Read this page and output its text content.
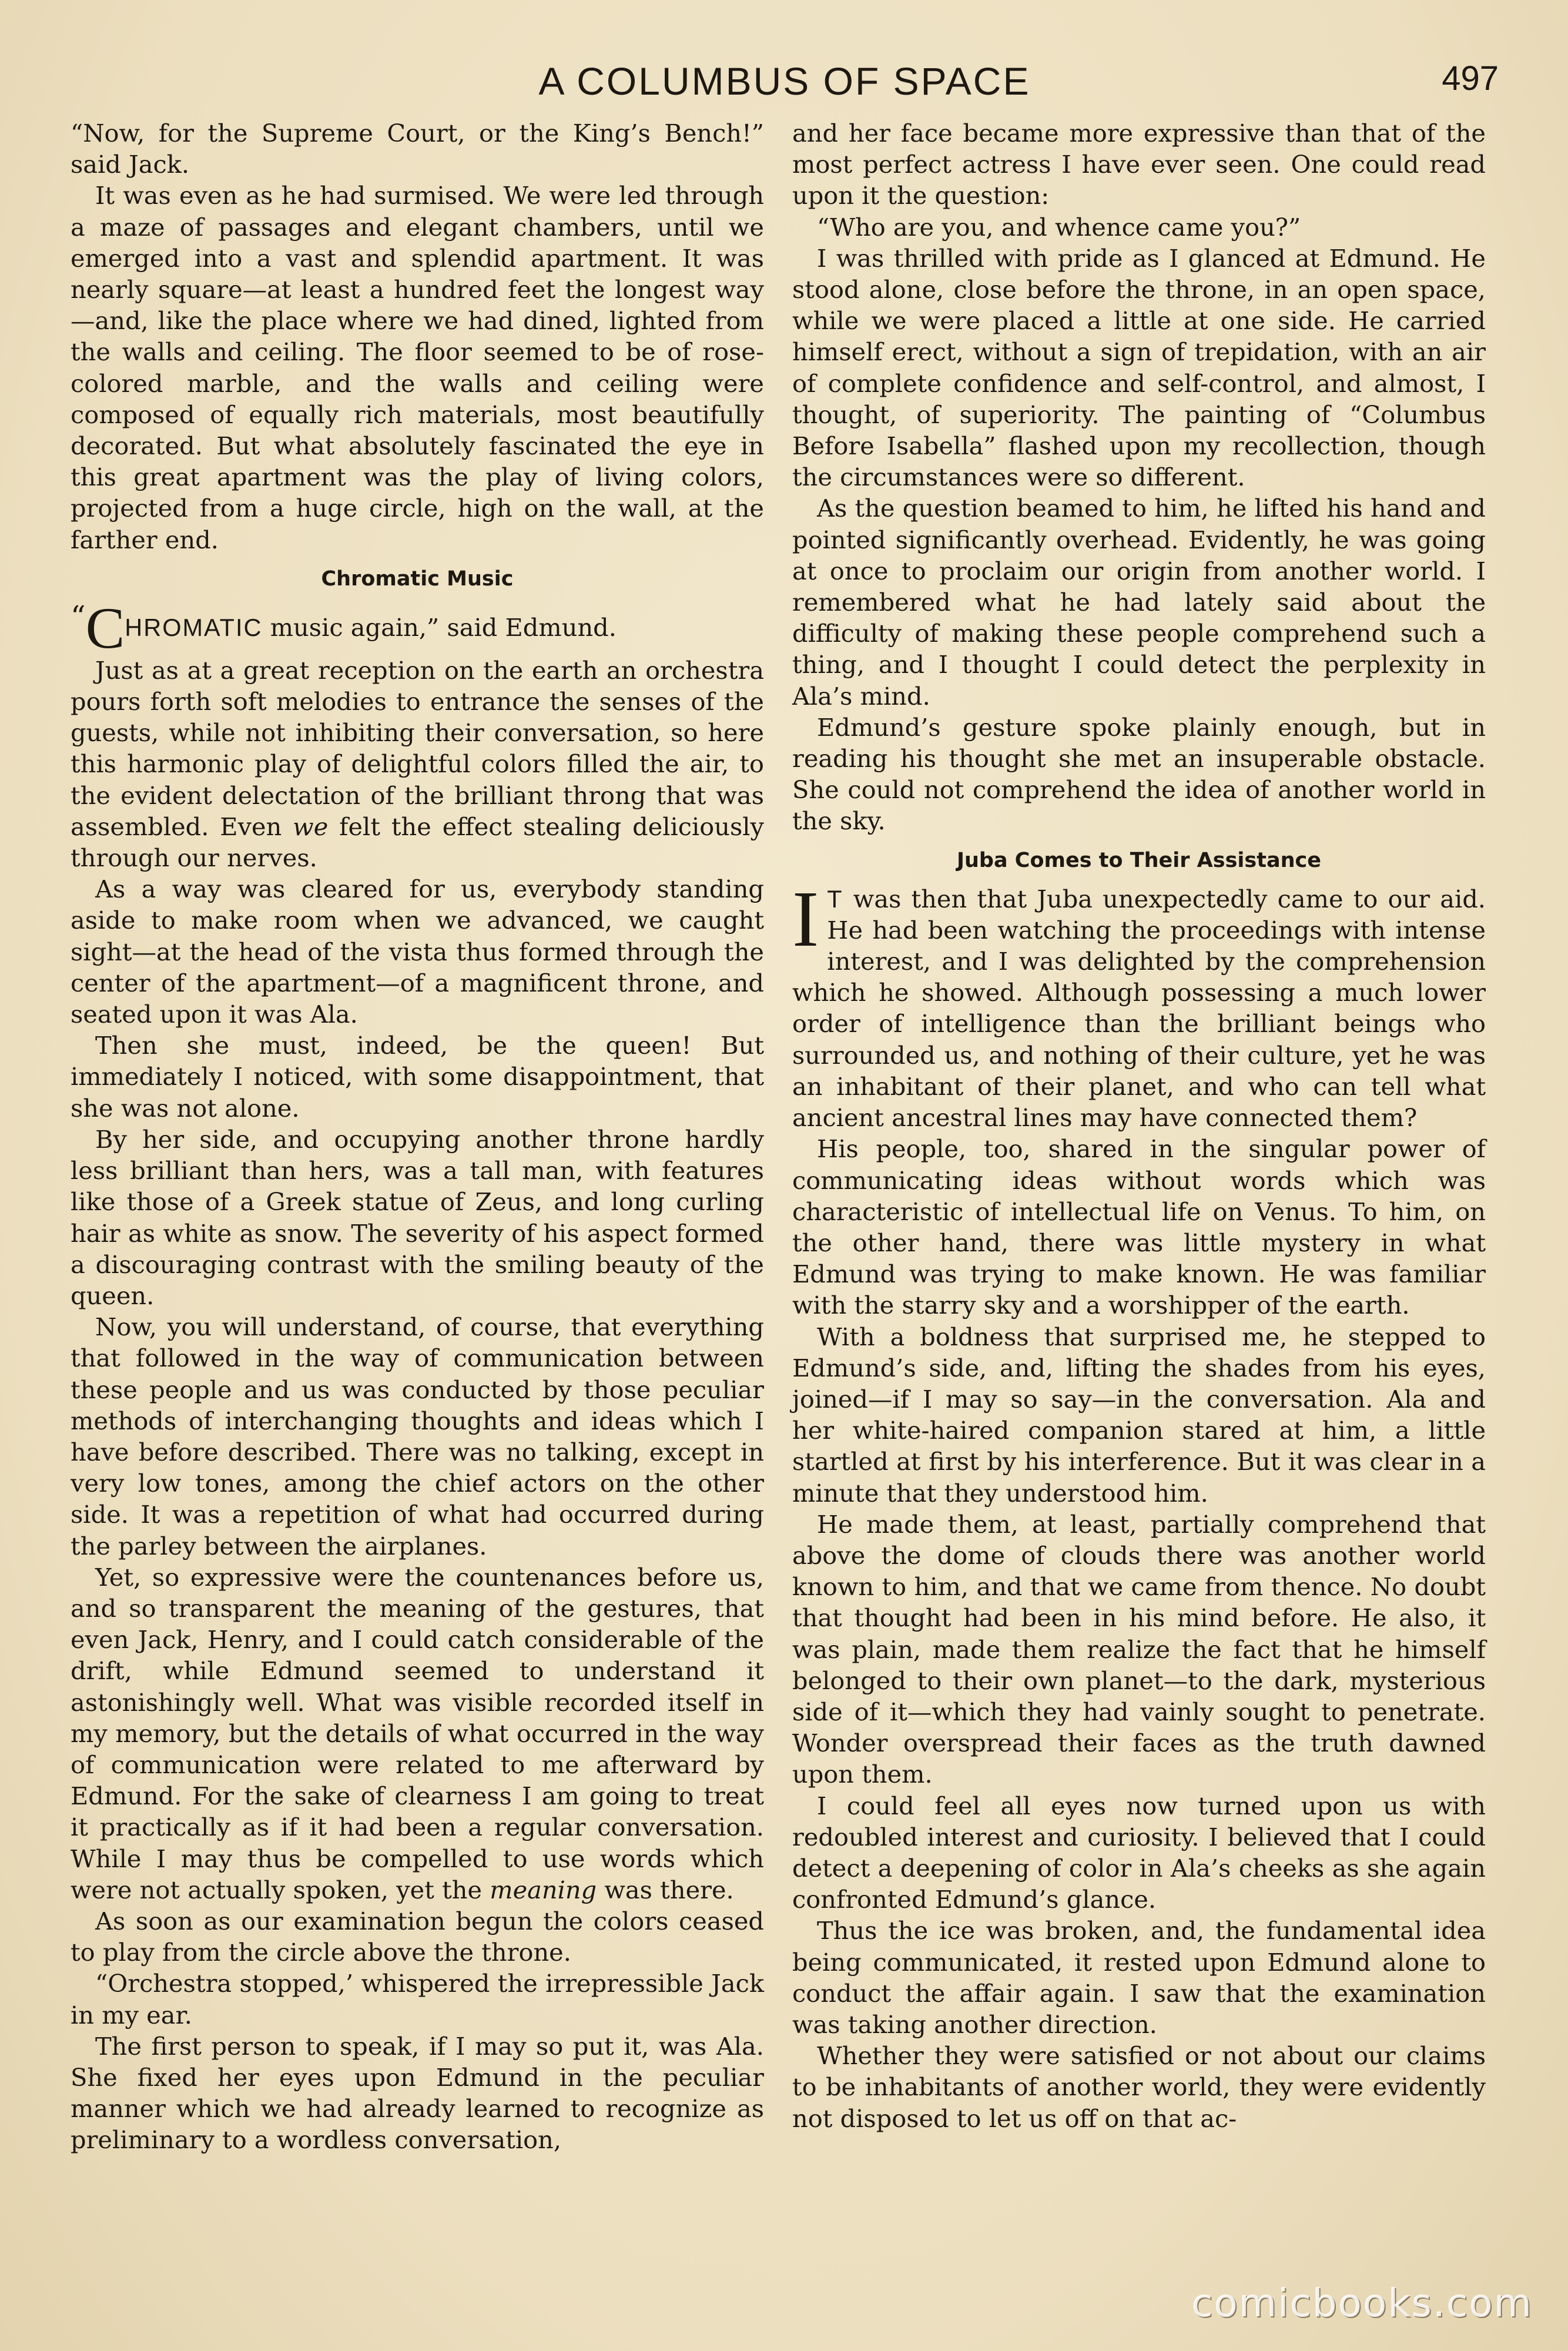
A COLUMBUS OF SPACE	497

“Now, for the Supreme Court, or the King’s Bench!” said Jack.

It was even as he had surmised. We were led through a maze of passages and elegant chambers, until we emerged into a vast and splendid apartment. It was nearly square—at least a hundred feet the longest way—and, like the place where we had dined, lighted from the walls and ceiling. The floor seemed to be of rose-colored marble, and the walls and ceiling were composed of equally rich materials, most beautifully decorated. But what absolutely fascinated the eye in this great apartment was the play of living colors, projected from a huge circle, high on the wall, at the farther end.

Chromatic Music

“CHROMATIC music again,” said Edmund.

Just as at a great reception on the earth an orchestra pours forth soft melodies to entrance the senses of the guests, while not inhibiting their conversation, so here this harmonic play of delightful colors filled the air, to the evident delectation of the brilliant throng that was assembled. Even we felt the effect stealing deliciously through our nerves.

As a way was cleared for us, everybody standing aside to make room when we advanced, we caught sight—at the head of the vista thus formed through the center of the apartment—of a magnificent throne, and seated upon it was Ala.

Then she must, indeed, be the queen! But immediately I noticed, with some disappointment, that she was not alone.

By her side, and occupying another throne hardly less brilliant than hers, was a tall man, with features like those of a Greek statue of Zeus, and long curling hair as white as snow. The severity of his aspect formed a discouraging contrast with the smiling beauty of the queen.

Now, you will understand, of course, that everything that followed in the way of communication between these people and us was conducted by those peculiar methods of interchanging thoughts and ideas which I have before described. There was no talking, except in very low tones, among the chief actors on the other side. It was a repetition of what had occurred during the parley between the airplanes.

Yet, so expressive were the countenances before us, and so transparent the meaning of the gestures, that even Jack, Henry, and I could catch considerable of the drift, while Edmund seemed to understand it astonishingly well. What was visible recorded itself in my memory, but the details of what occurred in the way of communication were related to me afterward by Edmund. For the sake of clearness I am going to treat it practically as if it had been a regular conversation. While I may thus be compelled to use words which were not actually spoken, yet the meaning was there.

As soon as our examination begun the colors ceased to play from the circle above the throne.

“Orchestra stopped,’ whispered the irrepressible Jack in my ear.

The first person to speak, if I may so put it, was Ala. She fixed her eyes upon Edmund in the peculiar manner which we had already learned to recognize as preliminary to a wordless conversation,

and her face became more expressive than that of the most perfect actress I have ever seen. One could read upon it the question:

“Who are you, and whence came you?”

I was thrilled with pride as I glanced at Edmund. He stood alone, close before the throne, in an open space, while we were placed a little at one side. He carried himself erect, without a sign of trepidation, with an air of complete confidence and self-control, and almost, I thought, of superiority. The painting of “Columbus Before Isabella” flashed upon my recollection, though the circumstances were so different.

As the question beamed to him, he lifted his hand and pointed significantly overhead. Evidently, he was going at once to proclaim our origin from another world. I remembered what he had lately said about the difficulty of making these people comprehend such a thing, and I thought I could detect the perplexity in Ala’s mind.

Edmund’s gesture spoke plainly enough, but in reading his thought she met an insuperable obstacle. She could not comprehend the idea of another world in the sky.

Juba Comes to Their Assistance

I T was then that Juba unexpectedly came to our aid. He had been watching the proceedings with intense interest, and I was delighted by the comprehension which he showed. Although possessing a much lower order of intelligence than the brilliant beings who surrounded us, and nothing of their culture, yet he was an inhabitant of their planet, and who can tell what ancient ancestral lines may have connected them?

His people, too, shared in the singular power of communicating ideas without words which was characteristic of intellectual life on Venus. To him, on the other hand, there was little mystery in what Edmund was trying to make known. He was familiar with the starry sky and a worshipper of the earth.

With a boldness that surprised me, he stepped to Edmund’s side, and, lifting the shades from his eyes, joined—if I may so say—in the conversation. Ala and her white-haired companion stared at him, a little startled at first by his interference. But it was clear in a minute that they understood him.

He made them, at least, partially comprehend that above the dome of clouds there was another world known to him, and that we came from thence. No doubt that thought had been in his mind before. He also, it was plain, made them realize the fact that he himself belonged to their own planet—to the dark, mysterious side of it—which they had vainly sought to penetrate. Wonder overspread their faces as the truth dawned upon them.

I could feel all eyes now turned upon us with redoubled interest and curiosity. I believed that I could detect a deepening of color in Ala’s cheeks as she again confronted Edmund’s glance.

Thus the ice was broken, and, the fundamental idea being communicated, it rested upon Edmund alone to conduct the affair again. I saw that the examination was taking another direction.

Whether they were satisfied or not about our claims to be inhabitants of another world, they were evidently not disposed to let us off on that ac-

comicbooks.com
